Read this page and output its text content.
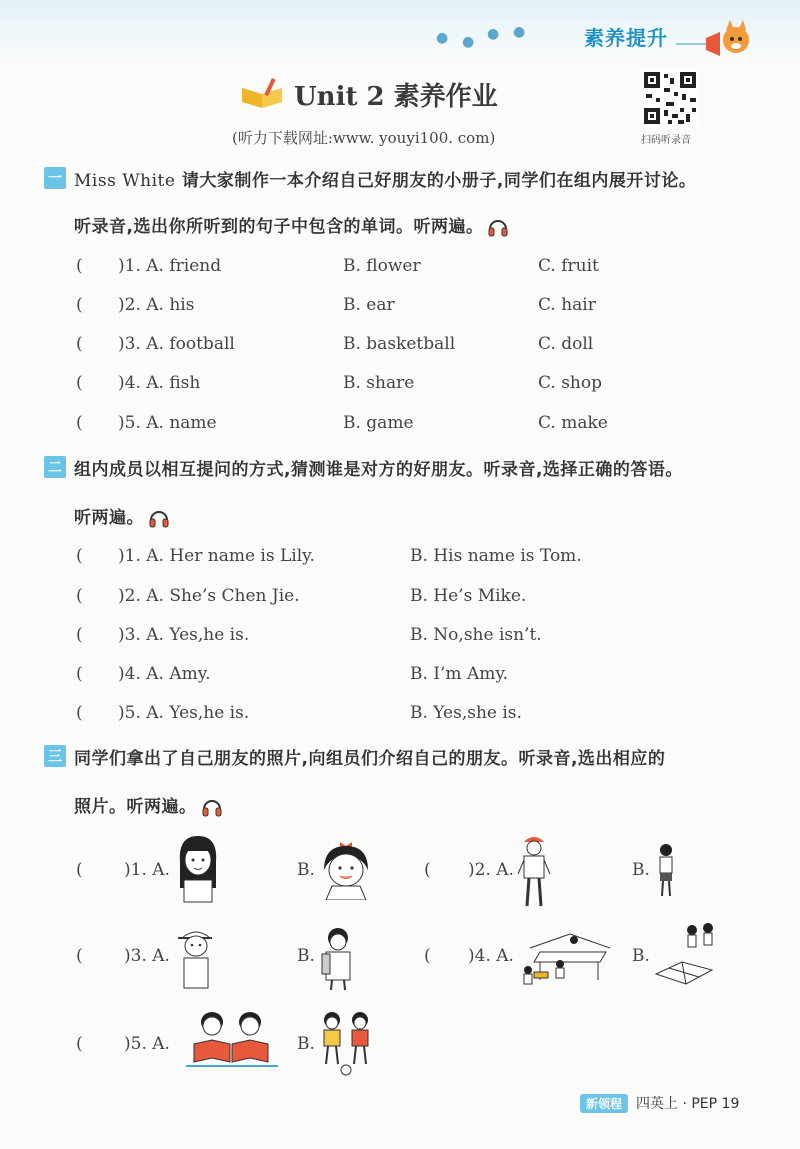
● ● ● ●	素养提升
Unit 2 素养作业
(听力下载网址:www. youyi100. com)	扫码听录音
一 Miss White 请大家制作一本介绍自己好朋友的小册子,同学们在组内展开讨论。
听录音,选出你所听到的句子中包含的单词。听两遍。
( )1. A. friend	B. flower	C. fruit
( )2. A. his	B. ear	C. hair
( )3. A. football	B. basketball	C. doll
( )4. A. fish	B. share	C. shop
( )5. A. name	B. game	C. make
二 组内成员以相互提问的方式,猜测谁是对方的好朋友。听录音,选择正确的答语。
听两遍。
( )1. A. Her name is Lily.	B. His name is Tom.
( )2. A. She’s Chen Jie.	B. He’s Mike.
( )3. A. Yes,he is.	B. No,she isn’t.
( )4. A. Amy.	B. I’m Amy.
( )5. A. Yes,he is.	B. Yes,she is.
三 同学们拿出了自己朋友的照片,向组员们介绍自己的朋友。听录音,选出相应的
照片。听两遍。
( )1. A.	B.	( )2. A.	B.
( )3. A.	B.	( )4. A.	B.
( )5. A.	B.
新领程 四英上 · PEP 19
